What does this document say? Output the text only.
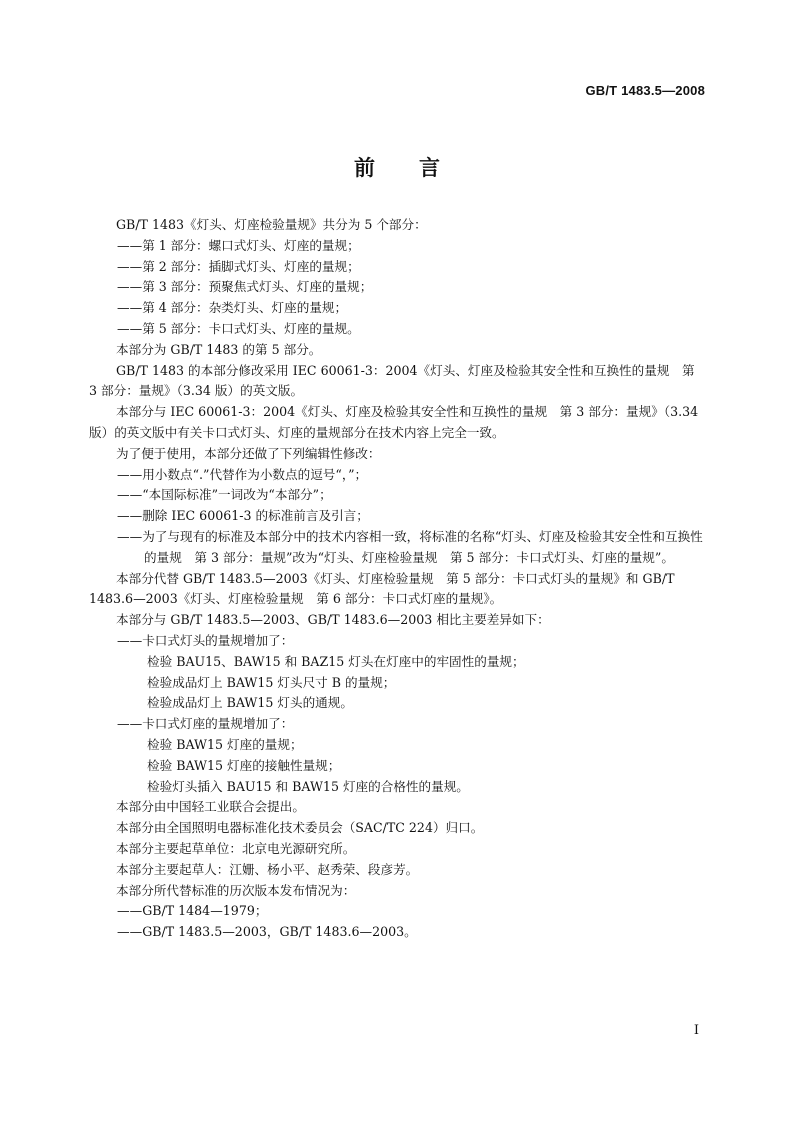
GB/T 1483.5—2008
前言

GB/T 1483《灯头、灯座检验量规》共分为 5 个部分：

——第 1 部分：螺口式灯头、灯座的量规；

——第 2 部分：插脚式灯头、灯座的量规；

——第 3 部分：预聚焦式灯头、灯座的量规；

——第 4 部分：杂类灯头、灯座的量规；

——第 5 部分：卡口式灯头、灯座的量规。

本部分为 GB/T 1483 的第 5 部分。

GB/T 1483 的本部分修改采用 IEC 60061-3：2004《灯头、灯座及检验其安全性和互换性的量规　第 3 部分：量规》（3.34 版）的英文版。

本部分与 IEC 60061-3：2004《灯头、灯座及检验其安全性和互换性的量规　第 3 部分：量规》（3.34 版）的英文版中有关卡口式灯头、灯座的量规部分在技术内容上完全一致。

为了便于使用，本部分还做了下列编辑性修改：

——用小数点“.”代替作为小数点的逗号“，”；

——“本国际标准”一词改为“本部分”；

——删除 IEC 60061-3 的标准前言及引言；

——为了与现有的标准及本部分中的技术内容相一致，将标准的名称“灯头、灯座及检验其安全性和互换性的量规　第 3 部分：量规”改为“灯头、灯座检验量规　第 5 部分：卡口式灯头、灯座的量规”。

本部分代替 GB/T 1483.5—2003《灯头、灯座检验量规　第 5 部分：卡口式灯头的量规》和 GB/T 1483.6—2003《灯头、灯座检验量规　第 6 部分：卡口式灯座的量规》。

本部分与 GB/T 1483.5—2003、GB/T 1483.6—2003 相比主要差异如下：

——卡口式灯头的量规增加了：

检验 BAU15、BAW15 和 BAZ15 灯头在灯座中的牢固性的量规；

检验成品灯上 BAW15 灯头尺寸 B 的量规；

检验成品灯上 BAW15 灯头的通规。

——卡口式灯座的量规增加了：

检验 BAW15 灯座的量规；

检验 BAW15 灯座的接触性量规；

检验灯头插入 BAU15 和 BAW15 灯座的合格性的量规。

本部分由中国轻工业联合会提出。

本部分由全国照明电器标准化技术委员会（SAC/TC 224）归口。

本部分主要起草单位：北京电光源研究所。

本部分主要起草人：江姗、杨小平、赵秀荣、段彦芳。

本部分所代替标准的历次版本发布情况为：

——GB/T 1484—1979；

——GB/T 1483.5—2003，GB/T 1483.6—2003。

I
